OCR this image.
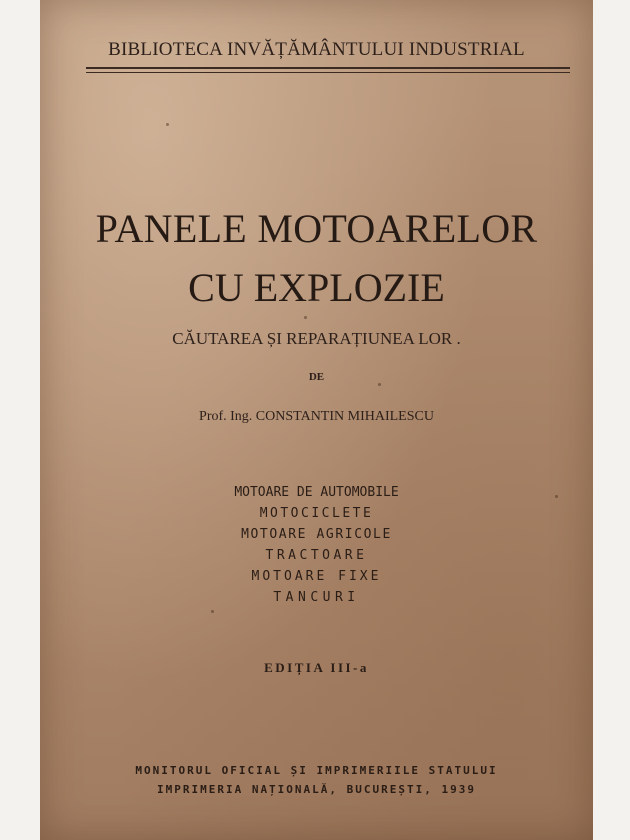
BIBLIOTECA INVĂȚĂMÂNTULUI INDUSTRIAL
PANELE MOTOARELOR
CU EXPLOZIE
CĂUTAREA ȘI REPARAȚIUNEA LOR .
DE
Prof. Ing. CONSTANTIN MIHAILESCU
MOTOARE DE AUTOMOBILE
MOTOCICLETE
MOTOARE AGRICOLE
TRACTOARE
MOTOARE FIXE
TANCURI
EDIȚIA III-a
MONITORUL OFICIAL ȘI IMPRIMERIILE STATULUI
IMPRIMERIA NAȚIONALĂ, BUCUREȘTI, 1939
